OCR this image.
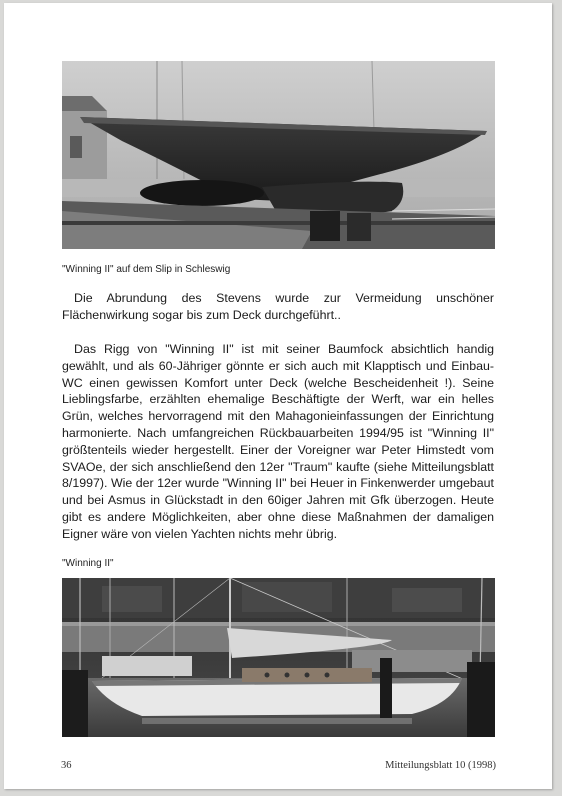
"Winning II" auf dem Slip in Schleswig

Die Abrundung des Stevens wurde zur Vermeidung unschöner Flächenwirkung sogar bis zum Deck durchgeführt..

Das Rigg von "Winning II" ist mit seiner Baumfock absichtlich handig gewählt, und als 60-Jähriger gönnte er sich auch mit Klapptisch und Einbau-WC einen gewissen Komfort unter Deck (welche Bescheidenheit !). Seine Lieblingsfarbe, erzählten ehemalige Beschäftigte der Werft, war ein helles Grün, welches hervorragend mit den Mahagonieinfassungen der Einrichtung harmonierte. Nach umfangreichen Rückbauarbeiten 1994/95 ist "Winning II" größtenteils wieder hergestellt. Einer der Voreigner war Peter Himstedt vom SVAOe, der sich anschließend den 12er "Traum" kaufte (siehe Mitteilungsblatt 8/1997). Wie der 12er wurde "Winning II" bei Heuer in Finkenwerder umgebaut und bei Asmus in Glückstadt in den 60iger Jahren mit Gfk überzogen. Heute gibt es andere Möglichkeiten, aber ohne diese Maßnahmen der damaligen Eigner wäre von vielen Yachten nichts mehr übrig.

"Winning II"
36	Mitteilungsblatt 10 (1998)
